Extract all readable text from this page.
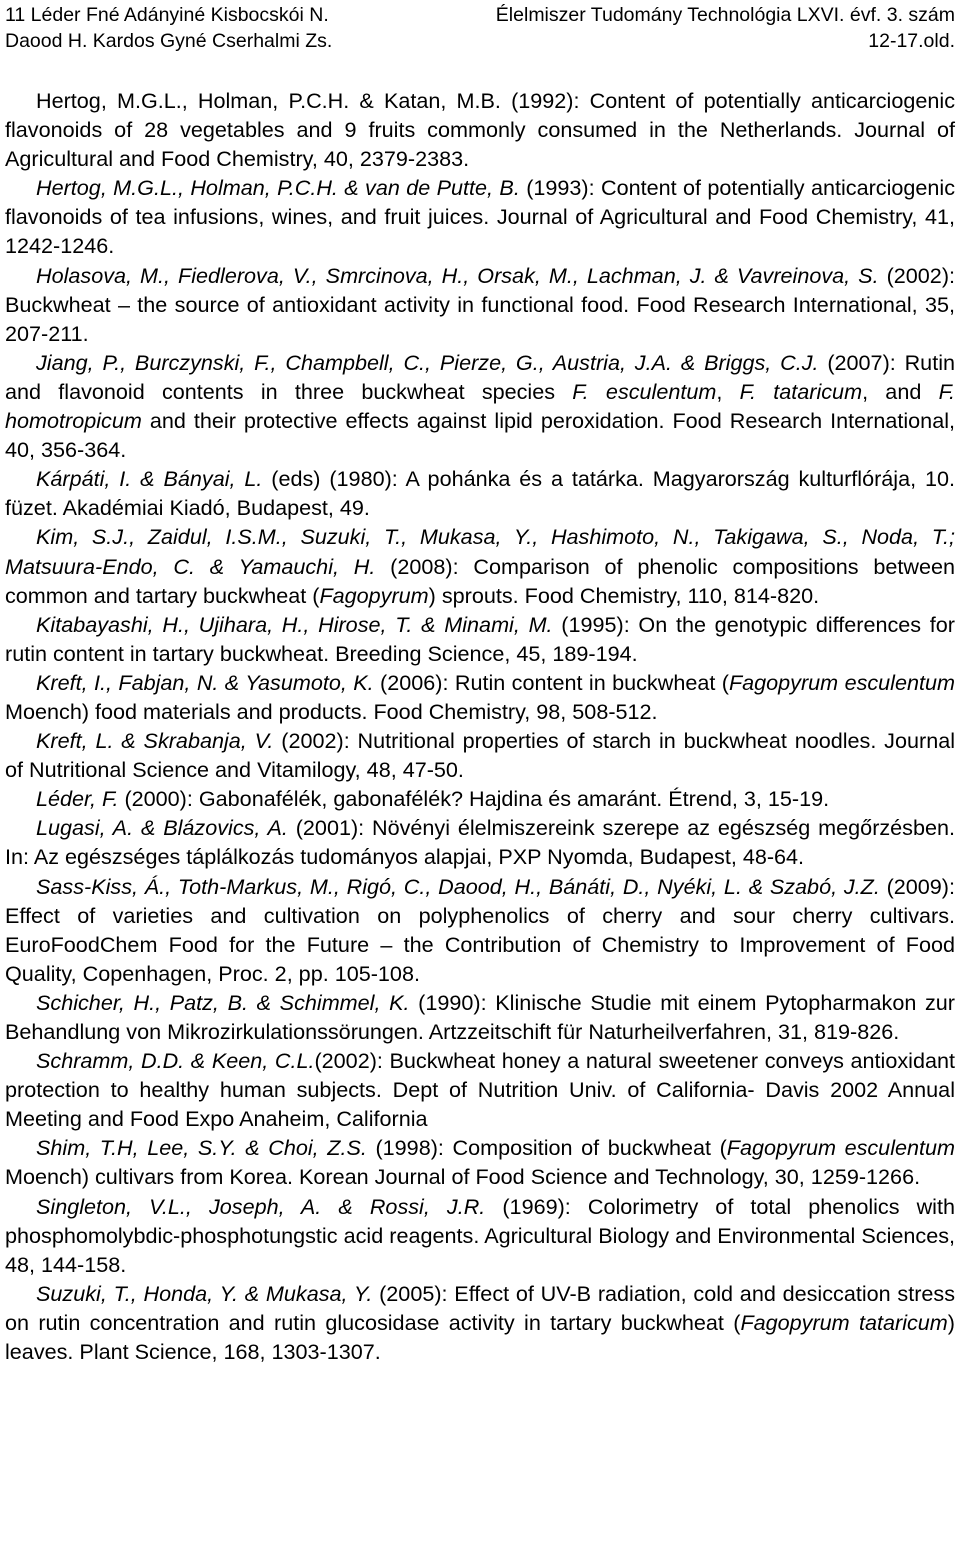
11 Léder Fné Adányiné Kisbocskói N.	Élelmiszer Tudomány Technológia LXVI. évf. 3. szám
Daood H. Kardos Gyné Cserhalmi Zs.	12-17.old.

Hertog, M.G.L., Holman, P.C.H. & Katan, M.B. (1992): Content of potentially anticarciogenic flavonoids of 28 vegetables and 9 fruits commonly consumed in the Netherlands. Journal of Agricultural and Food Chemistry, 40, 2379-2383.

Hertog, M.G.L., Holman, P.C.H. & van de Putte, B. (1993): Content of potentially anticarciogenic flavonoids of tea infusions, wines, and fruit juices. Journal of Agricultural and Food Chemistry, 41, 1242-1246.

Holasova, M., Fiedlerova, V., Smrcinova, H., Orsak, M., Lachman, J. & Vavreinova, S. (2002): Buckwheat – the source of antioxidant activity in functional food. Food Research International, 35, 207-211.

Jiang, P., Burczynski, F., Champbell, C., Pierze, G., Austria, J.A. & Briggs, C.J. (2007): Rutin and flavonoid contents in three buckwheat species F. esculentum, F. tataricum, and F. homotropicum and their protective effects against lipid peroxidation. Food Research International, 40, 356-364.

Kárpáti, I. & Bányai, L. (eds) (1980): A pohánka és a tatárka. Magyarország kulturflórája, 10. füzet. Akadémiai Kiadó, Budapest, 49.

Kim, S.J., Zaidul, I.S.M., Suzuki, T., Mukasa, Y., Hashimoto, N., Takigawa, S., Noda, T.; Matsuura-Endo, C. & Yamauchi, H. (2008): Comparison of phenolic compositions between common and tartary buckwheat (Fagopyrum) sprouts. Food Chemistry, 110, 814-820.

Kitabayashi, H., Ujihara, H., Hirose, T. & Minami, M. (1995): On the genotypic differences for rutin content in tartary buckwheat. Breeding Science, 45, 189-194.

Kreft, I., Fabjan, N. & Yasumoto, K. (2006): Rutin content in buckwheat (Fagopyrum esculentum Moench) food materials and products. Food Chemistry, 98, 508-512.

Kreft, L. & Skrabanja, V. (2002): Nutritional properties of starch in buckwheat noodles. Journal of Nutritional Science and Vitamilogy, 48, 47-50.

Léder, F. (2000): Gabonafélék, gabonafélék? Hajdina és amaránt. Étrend, 3, 15-19.

Lugasi, A. & Blázovics, A. (2001): Növényi élelmiszereink szerepe az egészség megőrzésben. In: Az egészséges táplálkozás tudományos alapjai, PXP Nyomda, Budapest, 48-64.

Sass-Kiss, Á., Toth-Markus, M., Rigó, C., Daood, H., Bánáti, D., Nyéki, L. & Szabó, J.Z. (2009): Effect of varieties and cultivation on polyphenolics of cherry and sour cherry cultivars. EuroFoodChem Food for the Future – the Contribution of Chemistry to Improvement of Food Quality, Copenhagen, Proc. 2, pp. 105-108.

Schicher, H., Patz, B. & Schimmel, K. (1990): Klinische Studie mit einem Pytopharmakon zur Behandlung von Mikrozirkulationssörungen. Artzzeitschift für Naturheilverfahren, 31, 819-826.

Schramm, D.D. & Keen, C.L.(2002): Buckwheat honey a natural sweetener conveys antioxidant protection to healthy human subjects. Dept of Nutrition Univ. of California- Davis 2002 Annual Meeting and Food Expo Anaheim, California

Shim, T.H, Lee, S.Y. & Choi, Z.S. (1998): Composition of buckwheat (Fagopyrum esculentum Moench) cultivars from Korea. Korean Journal of Food Science and Technology, 30, 1259-1266.

Singleton, V.L., Joseph, A. & Rossi, J.R. (1969): Colorimetry of total phenolics with phosphomolybdic-phosphotungstic acid reagents. Agricultural Biology and Environmental Sciences, 48, 144-158.

Suzuki, T., Honda, Y. & Mukasa, Y. (2005): Effect of UV-B radiation, cold and desiccation stress on rutin concentration and rutin glucosidase activity in tartary buckwheat (Fagopyrum tataricum) leaves. Plant Science, 168, 1303-1307.
